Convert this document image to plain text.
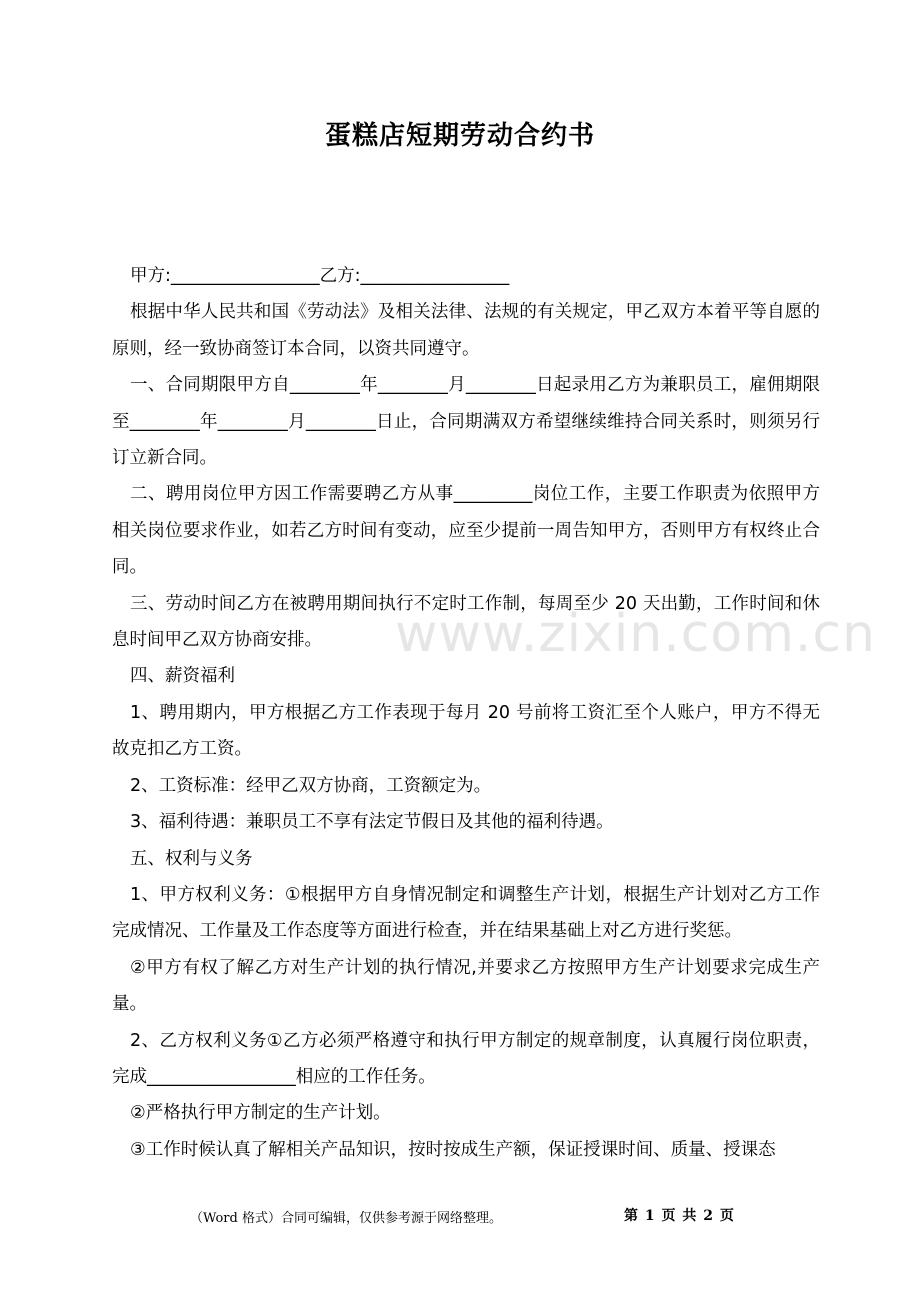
蛋糕店短期劳动合约书

甲方:_________________乙方:_________________

根据中华人民共和国《劳动法》及相关法律、法规的有关规定，甲乙双方本着平等自愿的原则，经一致协商签订本合同，以资共同遵守。

一、合同期限甲方自________年________月________日起录用乙方为兼职员工，雇佣期限至________年________月________日止，合同期满双方希望继续维持合同关系时，则须另行订立新合同。

二、聘用岗位甲方因工作需要聘乙方从事_________岗位工作，主要工作职责为依照甲方相关岗位要求作业，如若乙方时间有变动，应至少提前一周告知甲方，否则甲方有权终止合同。

三、劳动时间乙方在被聘用期间执行不定时工作制，每周至少 20 天出勤，工作时间和休息时间甲乙双方协商安排。

四、薪资福利

1、聘用期内，甲方根据乙方工作表现于每月 20 号前将工资汇至个人账户，甲方不得无故克扣乙方工资。

2、工资标准：经甲乙双方协商，工资额定为。

3、福利待遇：兼职员工不享有法定节假日及其他的福利待遇。

五、权利与义务

1、甲方权利义务：①根据甲方自身情况制定和调整生产计划，根据生产计划对乙方工作完成情况、工作量及工作态度等方面进行检查，并在结果基础上对乙方进行奖惩。

②甲方有权了解乙方对生产计划的执行情况,并要求乙方按照甲方生产计划要求完成生产量。

2、乙方权利义务①乙方必须严格遵守和执行甲方制定的规章制度，认真履行岗位职责，完成_________________相应的工作任务。

②严格执行甲方制定的生产计划。

③工作时候认真了解相关产品知识，按时按成生产额，保证授课时间、质量、授课态

www.zixin.com.cn
（Word 格式）合同可编辑，仅供参考源于网络整理。	第 1 页 共 2 页
